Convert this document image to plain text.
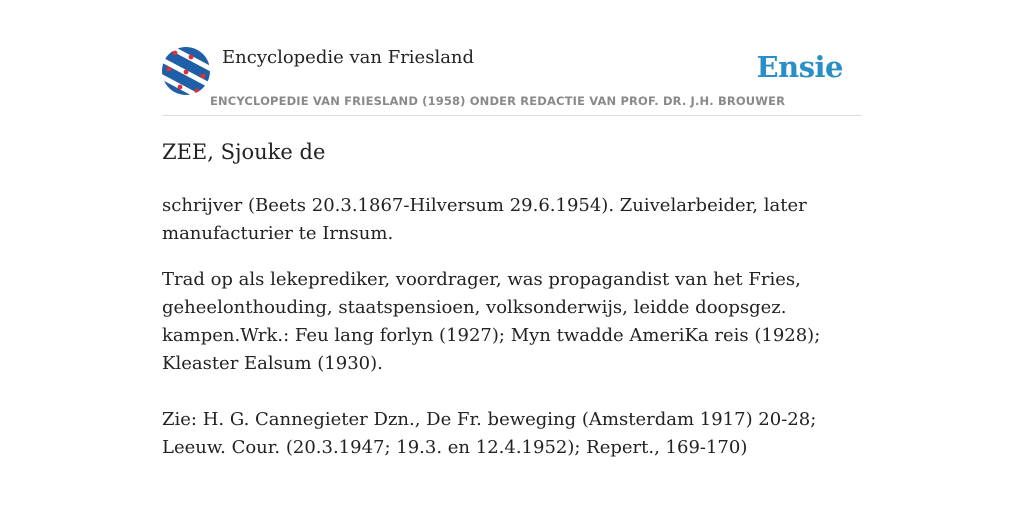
Encyclopedie van Friesland	Ensie
ENCYCLOPEDIE VAN FRIESLAND (1958) ONDER REDACTIE VAN PROF. DR. J.H. BROUWER
ZEE, Sjouke de

schrijver (Beets 20.3.1867-Hilversum 29.6.1954). Zuivelarbeider, later manufacturier te Irnsum.

Trad op als lekeprediker, voordrager, was propagandist van het Fries, geheelonthouding, staatspensioen, volksonderwijs, leidde doopsgez. kampen.Wrk.: Feu lang forlyn (1927); Myn twadde AmeriKa reis (1928); Kleaster Ealsum (1930).

Zie: H. G. Cannegieter Dzn., De Fr. beweging (Amsterdam 1917) 20-28; Leeuw. Cour. (20.3.1947; 19.3. en 12.4.1952); Repert., 169-170)
